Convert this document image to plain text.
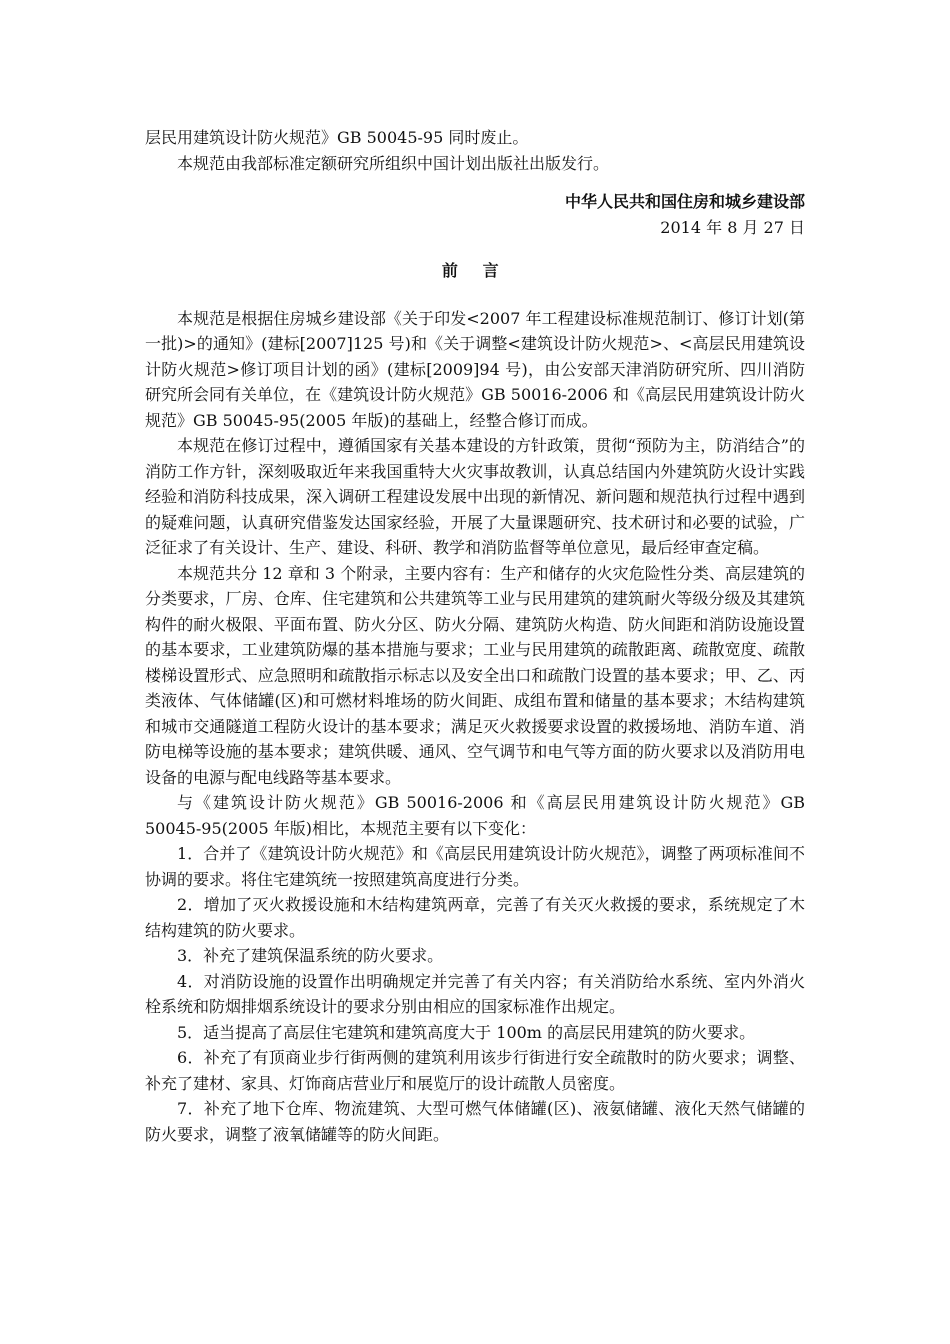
层民用建筑设计防火规范》GB 50045-95 同时废止。

本规范由我部标准定额研究所组织中国计划出版社出版发行。

中华人民共和国住房和城乡建设部

2014 年 8 月 27 日

前 言

本规范是根据住房城乡建设部《关于印发<2007 年工程建设标准规范制订、修订计划(第一批)>的通知》(建标[2007]125 号)和《关于调整<建筑设计防火规范>、<高层民用建筑设计防火规范>修订项目计划的函》(建标[2009]94 号)，由公安部天津消防研究所、四川消防研究所会同有关单位，在《建筑设计防火规范》GB 50016-2006 和《高层民用建筑设计防火规范》GB 50045-95(2005 年版)的基础上，经整合修订而成。

本规范在修订过程中，遵循国家有关基本建设的方针政策，贯彻“预防为主，防消结合”的消防工作方针，深刻吸取近年来我国重特大火灾事故教训，认真总结国内外建筑防火设计实践经验和消防科技成果，深入调研工程建设发展中出现的新情况、新问题和规范执行过程中遇到的疑难问题，认真研究借鉴发达国家经验，开展了大量课题研究、技术研讨和必要的试验，广泛征求了有关设计、生产、建设、科研、教学和消防监督等单位意见，最后经审查定稿。

本规范共分 12 章和 3 个附录，主要内容有：生产和储存的火灾危险性分类、高层建筑的分类要求，厂房、仓库、住宅建筑和公共建筑等工业与民用建筑的建筑耐火等级分级及其建筑构件的耐火极限、平面布置、防火分区、防火分隔、建筑防火构造、防火间距和消防设施设置的基本要求，工业建筑防爆的基本措施与要求；工业与民用建筑的疏散距离、疏散宽度、疏散楼梯设置形式、应急照明和疏散指示标志以及安全出口和疏散门设置的基本要求；甲、乙、丙类液体、气体储罐(区)和可燃材料堆场的防火间距、成组布置和储量的基本要求；木结构建筑和城市交通隧道工程防火设计的基本要求；满足灭火救援要求设置的救援场地、消防车道、消防电梯等设施的基本要求；建筑供暖、通风、空气调节和电气等方面的防火要求以及消防用电设备的电源与配电线路等基本要求。

与《建筑设计防火规范》GB 50016-2006 和《高层民用建筑设计防火规范》GB 50045-95(2005 年版)相比，本规范主要有以下变化：

1．合并了《建筑设计防火规范》和《高层民用建筑设计防火规范》，调整了两项标准间不协调的要求。将住宅建筑统一按照建筑高度进行分类。

2．增加了灭火救援设施和木结构建筑两章，完善了有关灭火救援的要求，系统规定了木结构建筑的防火要求。

3．补充了建筑保温系统的防火要求。

4．对消防设施的设置作出明确规定并完善了有关内容；有关消防给水系统、室内外消火栓系统和防烟排烟系统设计的要求分别由相应的国家标准作出规定。

5．适当提高了高层住宅建筑和建筑高度大于 100m 的高层民用建筑的防火要求。

6．补充了有顶商业步行街两侧的建筑利用该步行街进行安全疏散时的防火要求；调整、补充了建材、家具、灯饰商店营业厅和展览厅的设计疏散人员密度。

7．补充了地下仓库、物流建筑、大型可燃气体储罐(区)、液氨储罐、液化天然气储罐的防火要求，调整了液氧储罐等的防火间距。
